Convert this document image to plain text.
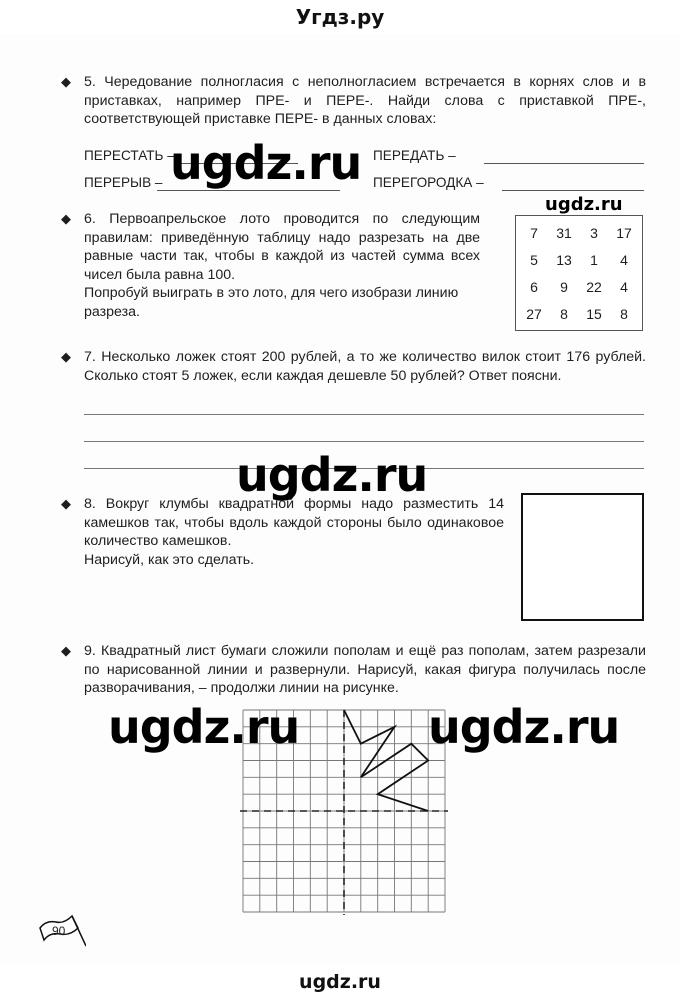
Угдз.ру
◆ 5. Чередование полногласия с неполногласием встречается в корнях слов и в приставках, например ПРЕ- и ПЕРЕ-. Найди слова с приставкой ПРЕ-, соответствующей приставке ПЕРЕ- в данных словах:

ПЕРЕСТАТЬ –	ПЕРЕДАТЬ –
ПЕРЕРЫВ –	ПЕРЕГОРОДКА –
◆ 6. Первоапрельское лото проводится по следующим правилам: приведённую таблицу надо разрезать на две равные части так, чтобы в каждой из частей сумма всех чисел была равна 100.

Попробуй выиграть в это лото, для чего изобрази линию разреза.

7	31	3	17
5	13	1	4
6	9	22	4
27	8	15	8
◆ 7. Несколько ложек стоят 200 рублей, а то же количество вилок стоит 176 рублей. Сколько стоят 5 ложек, если каждая дешевле 50 рублей? Ответ поясни.

◆ 8. Вокруг клумбы квадратной формы надо разместить 14 камешков так, чтобы вдоль каждой стороны было одинаковое количество камешков.

Нарисуй, как это сделать.

◆ 9. Квадратный лист бумаги сложили пополам и ещё раз пополам, затем разрезали по нарисованной линии и развернули. Нарисуй, какая фигура получилась после разворачивания, – продолжи линии на рисунке.

90
ugdz.ru
ugdz.ru
ugdz.ru
ugdz.ru	ugdz.ru
ugdz.ru
